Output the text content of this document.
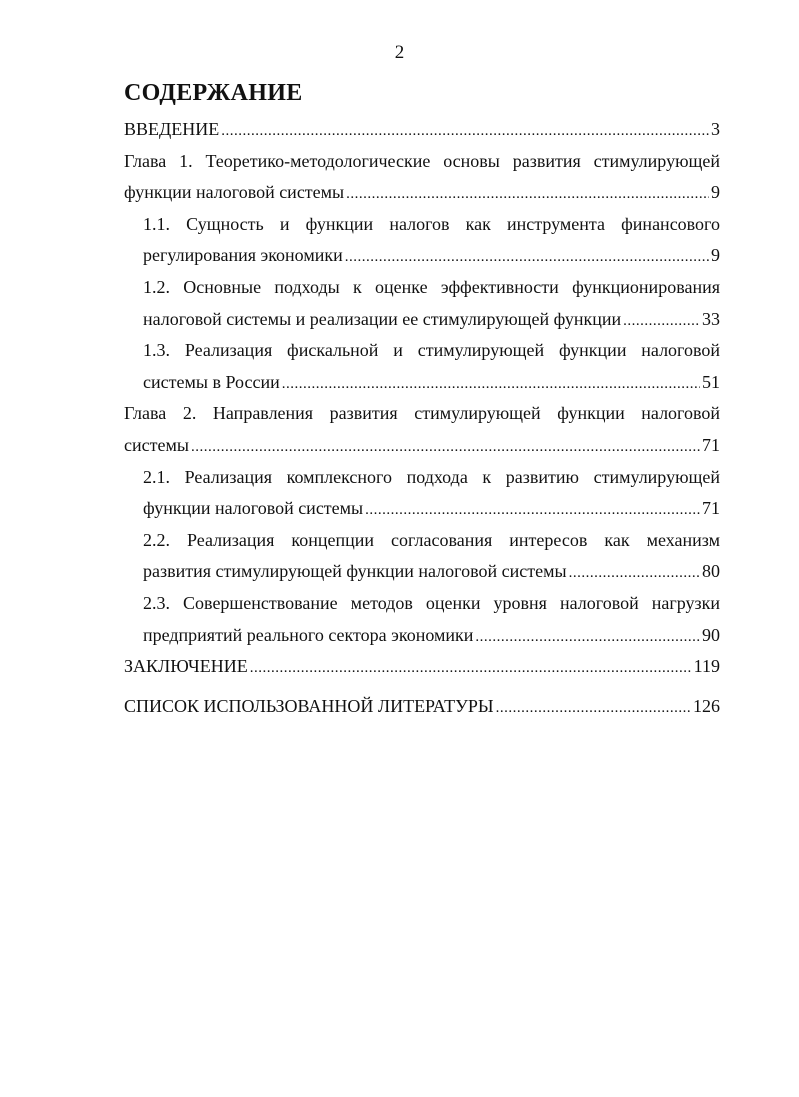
2
СОДЕРЖАНИЕ
ВВЕДЕНИЕ .....	3
Глава 1. Теоретико-методологические основы развития стимулирующей
функции налоговой системы .....	9
1.1. Сущность и функции налогов как инструмента финансового
регулирования экономики .....	9
1.2. Основные подходы к оценке эффективности функционирования
налоговой системы и реализации ее стимулирующей функции .....	33
1.3. Реализация фискальной и стимулирующей функции налоговой
системы в России .....	51
Глава 2. Направления развития стимулирующей функции налоговой
системы .....	71
2.1. Реализация комплексного подхода к развитию стимулирующей
функции налоговой системы .....	71
2.2. Реализация концепции согласования интересов как механизм
развития стимулирующей функции налоговой системы .....	80
2.3. Совершенствование методов оценки уровня налоговой нагрузки
предприятий реального сектора экономики .....	90
ЗАКЛЮЧЕНИЕ .....	119
СПИСОК ИСПОЛЬЗОВАННОЙ ЛИТЕРАТУРЫ .....	126
